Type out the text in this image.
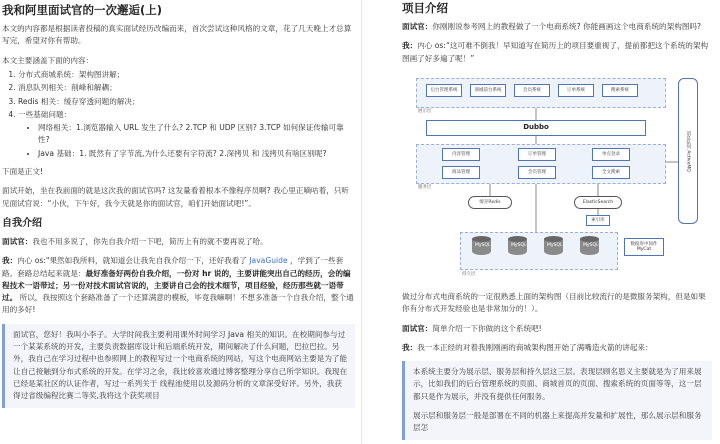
我和阿里面试官的一次邂逅(上)

本文的内容都是根据读者投稿的真实面试经历改编而来，首次尝试这种风格的文章，花了几天晚上才总算写完，希望对你有帮助。

本文主要涵盖下面的内容：

1. 分布式商城系统：架构图讲解；
2. 消息队列相关：削峰和解耦；
3. Redis 相关：缓存穿透问题的解决；
4. 一些基础问题：
• 网络相关：1.浏览器输入 URL 发生了什么? 2.TCP 和 UDP 区别? 3.TCP 如何保证传输可靠性?
• Java 基础：1. 既然有了字节流,为什么还要有字符流? 2.深拷贝 和 浅拷贝有啥区别呢?

下面是正文!

面试开始，坐在我前面的就是这次我的面试官吗? 这发量看着根本不像程序员啊? 我心里正嘀咕着，只听见面试官说：“小伙，下午好，我今天就是你的面试官，咱们开始面试吧!”。

自我介绍

面试官：我也不用多说了，你先自我介绍一下吧，简历上有的就不要再说了哈。

我：内心 os:"果然如我所料，就知道会让我先自我介绍一下，还好我看了 JavaGuide ，学到了一些套路。套路总结起来就是：最好准备好两份自我介绍，一份对 hr 说的，主要讲能突出自己的经历，会的编程技术一语带过；另一份对技术面试官说的，主要讲自己会的技术细节，项目经验，经历那些就一语带过。 所以，我按照这个套路准备了一个还算满意的模板，毕竟我嘛啊！不想多准备一个自我介绍，整个通用的多好!

面试官，您好！我叫小李子。大学时间我主要利用课外时间学习 Java 相关的知识。在校期间参与过一个某某系统的开发，主要负责数据库设计和后端系统开发，期间解决了什么问题，巴拉巴拉。另外，我自己在学习过程中也参照网上的教程写过一个电商系统的网站，写这个电商网站主要是为了能让自己接触到分布式系统的开发。在学习之余，我比较喜欢通过博客整理分享自己所学知识。我现在已经是某社区的认证作者，写过一系列关于 线程池使用以及源码分析的文章深受好评。另外，我获得过省级编程比赛二等奖,我将这个获奖项目
项目介绍

面试官：你刚刚说参考网上的教程做了一个电商系统? 你能画画这个电商系统的架构图吗?

我：内心 os:“这可难不倒我！早知道写在简历上的项目要重视了，提前都把这个系统的架构图画了好多遍了呢！”

后台管理系统	商城前台系统	会员系统	订单系统	搜索系统
展示层
Dubbo
内容管理	订单管理	单点登录
商品管理	会员管理	全文搜索
服务层
缓存Redis	ElasticSearch
索引库
消息队列 ActiveMQ
MySQL	MySQL	MySQL	MySQL	数据库中间件 MyCat
持久层

做过分布式电商系统的一定很熟悉上面的架构图（目前比较流行的是微服务架构，但是如果你有分布式开发经验也是非常加分的！）。

面试官：简单介绍一下你做的这个系统吧!

我：我一本正经的对着我刚刚画的商城架构图开始了满嘴造火箭的讲起来：

本系统主要分为展示层、服务层和持久层这三层。表现层顾名思义主要就是为了用来展示，比如我们的后台管理系统的页面、商城首页的页面、搜索系统的页面等等，这一层都只是作为展示，并没有提供任何服务。

展示层和服务层一般是部署在不同的机器上来提高并发量和扩展性，那么展示层和服务层怎
